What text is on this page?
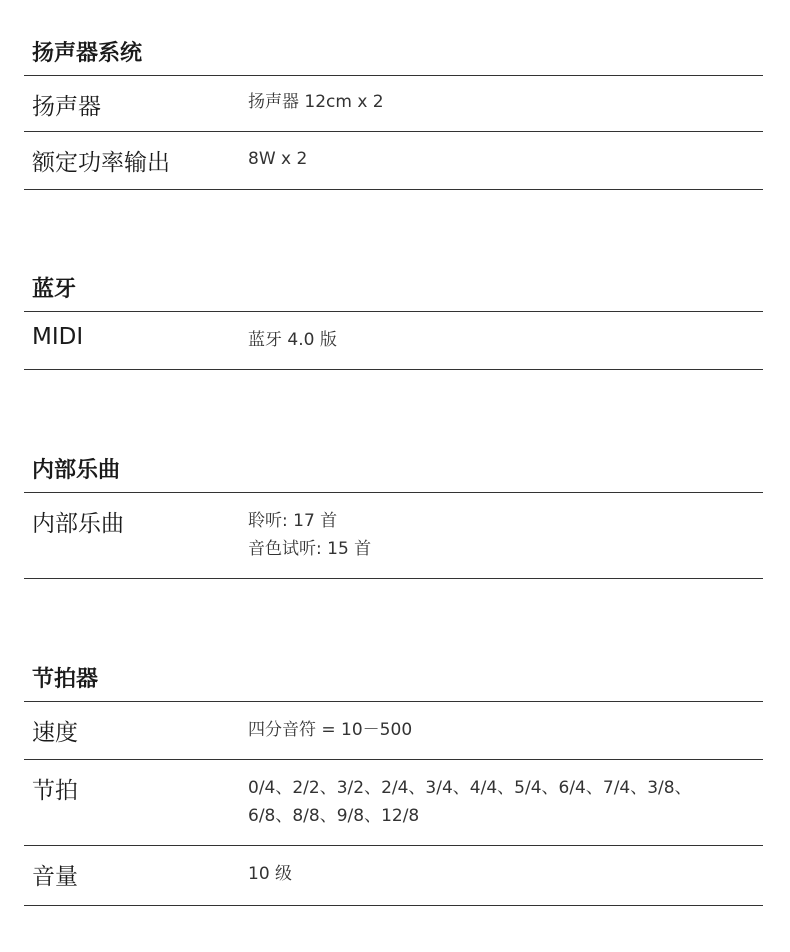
扬声器系统
扬声器	扬声器 12cm x 2
额定功率输出	8W x 2
蓝牙
MIDI	蓝牙 4.0 版
内部乐曲
内部乐曲	聆听: 17 首
音色试听: 15 首
节拍器
速度	四分音符 = 10－500
节拍	0/4、2/2、3/2、2/4、3/4、4/4、5/4、6/4、7/4、3/8、
6/8、8/8、9/8、12/8
音量	10 级
